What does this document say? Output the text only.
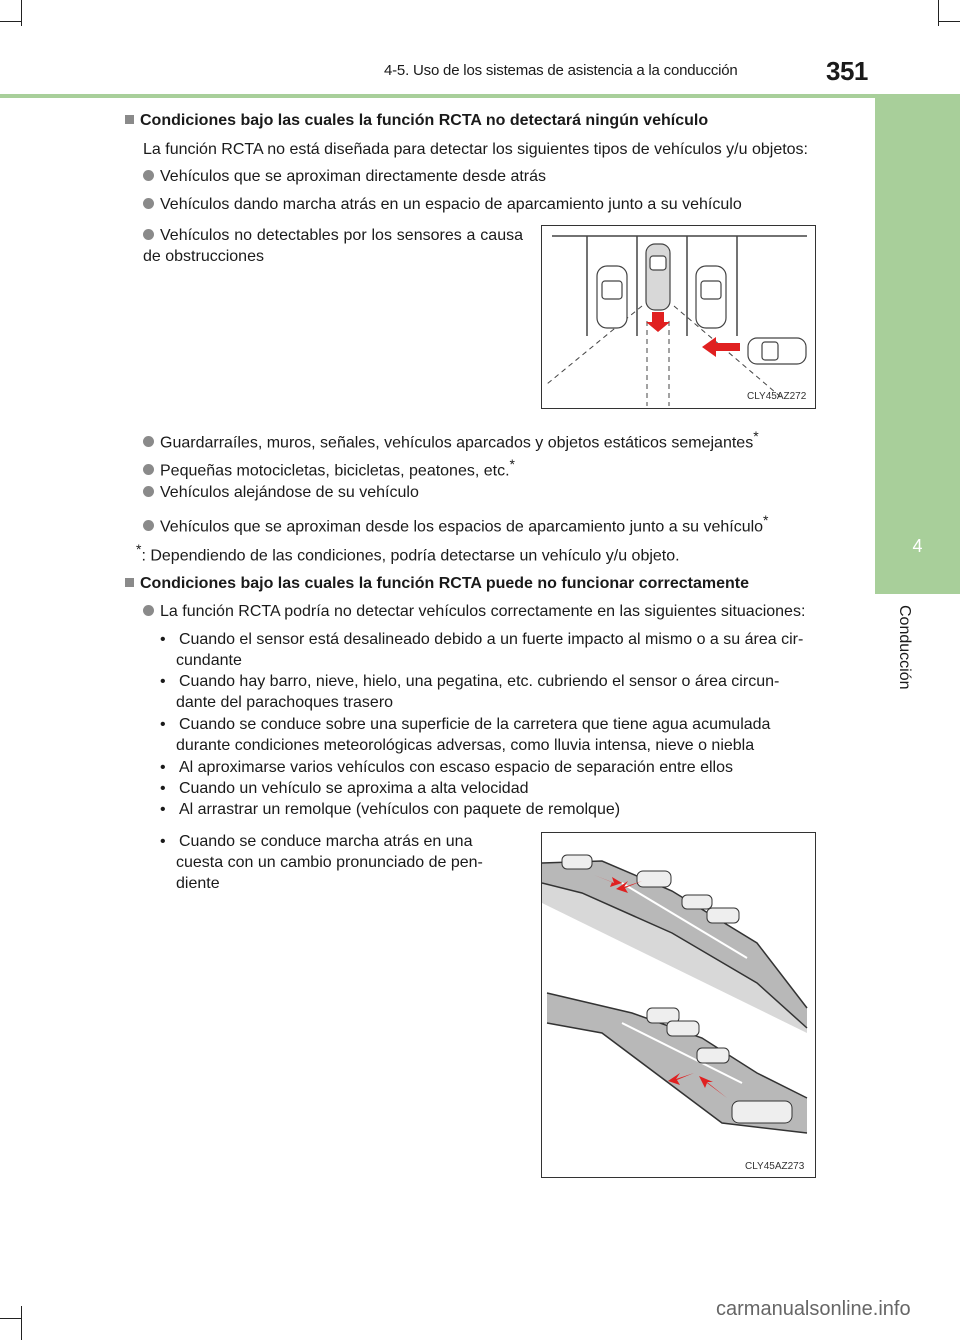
4-5. Uso de los sistemas de asistencia a la conducción	351
4
Conducción
Condiciones bajo las cuales la función RCTA no detectará ningún vehículo
La función RCTA no está diseñada para detectar los siguientes tipos de vehículos y/u objetos:
Vehículos que se aproximan directamente desde atrás
Vehículos dando marcha atrás en un espacio de aparcamiento junto a su vehículo
Vehículos no detectables por los sensores a causa de obstrucciones
CLY45AZ272
Guardarraíles, muros, señales, vehículos aparcados y objetos estáticos semejantes*
Pequeñas motocicletas, bicicletas, peatones, etc.*
Vehículos alejándose de su vehículo
Vehículos que se aproximan desde los espacios de aparcamiento junto a su vehículo*
*: Dependiendo de las condiciones, podría detectarse un vehículo y/u objeto.
Condiciones bajo las cuales la función RCTA puede no funcionar correctamente
La función RCTA podría no detectar vehículos correctamente en las siguientes situaciones:
•   Cuando el sensor está desalineado debido a un fuerte impacto al mismo o a su área cir-
cundante
•   Cuando hay barro, nieve, hielo, una pegatina, etc. cubriendo el sensor o área circun-
dante del parachoques trasero
•   Cuando se conduce sobre una superficie de la carretera que tiene agua acumulada
durante condiciones meteorológicas adversas, como lluvia intensa, nieve o niebla
•   Al aproximarse varios vehículos con escaso espacio de separación entre ellos
•   Cuando un vehículo se aproxima a alta velocidad
•   Al arrastrar un remolque (vehículos con paquete de remolque)
•   Cuando se conduce marcha atrás en una
cuesta con un cambio pronunciado de pen-
diente
CLY45AZ273
carmanualsonline.info
